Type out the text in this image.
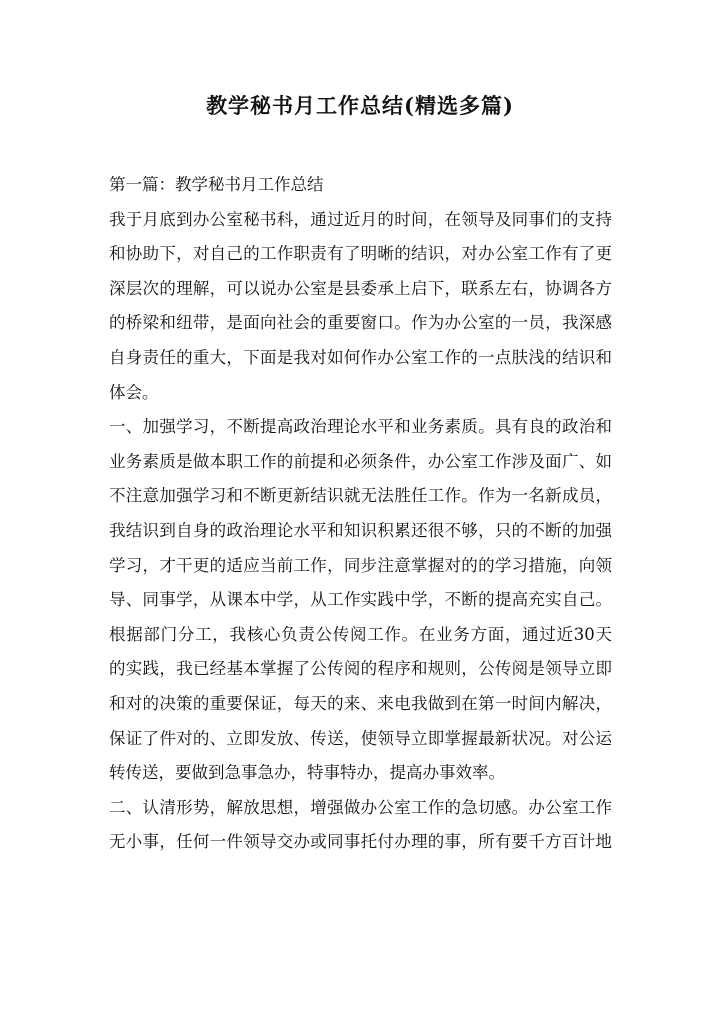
教学秘书月工作总结(精选多篇)
第一篇：教学秘书月工作总结
我于月底到办公室秘书科，通过近月的时间，在领导及同事们的支持
和协助下，对自己的工作职责有了明晰的结识，对办公室工作有了更
深层次的理解，可以说办公室是县委承上启下，联系左右，协调各方
的桥梁和纽带，是面向社会的重要窗口。作为办公室的一员，我深感
自身责任的重大，下面是我对如何作办公室工作的一点肤浅的结识和
体会。
一、加强学习，不断提高政治理论水平和业务素质。具有良的政治和
业务素质是做本职工作的前提和必须条件，办公室工作涉及面广、如
不注意加强学习和不断更新结识就无法胜任工作。作为一名新成员，
我结识到自身的政治理论水平和知识积累还很不够，只的不断的加强
学习，才干更的适应当前工作，同步注意掌握对的的学习措施，向领
导、同事学，从课本中学，从工作实践中学，不断的提高充实自己。
根据部门分工，我核心负责公传阅工作。在业务方面，通过近30天
的实践，我已经基本掌握了公传阅的程序和规则，公传阅是领导立即
和对的决策的重要保证，每天的来、来电我做到在第一时间内解决，
保证了件对的、立即发放、传送，使领导立即掌握最新状况。对公运
转传送，要做到急事急办，特事特办，提高办事效率。
二、认清形势，解放思想，增强做办公室工作的急切感。办公室工作
无小事，任何一件领导交办或同事托付办理的事，所有要千方百计地
